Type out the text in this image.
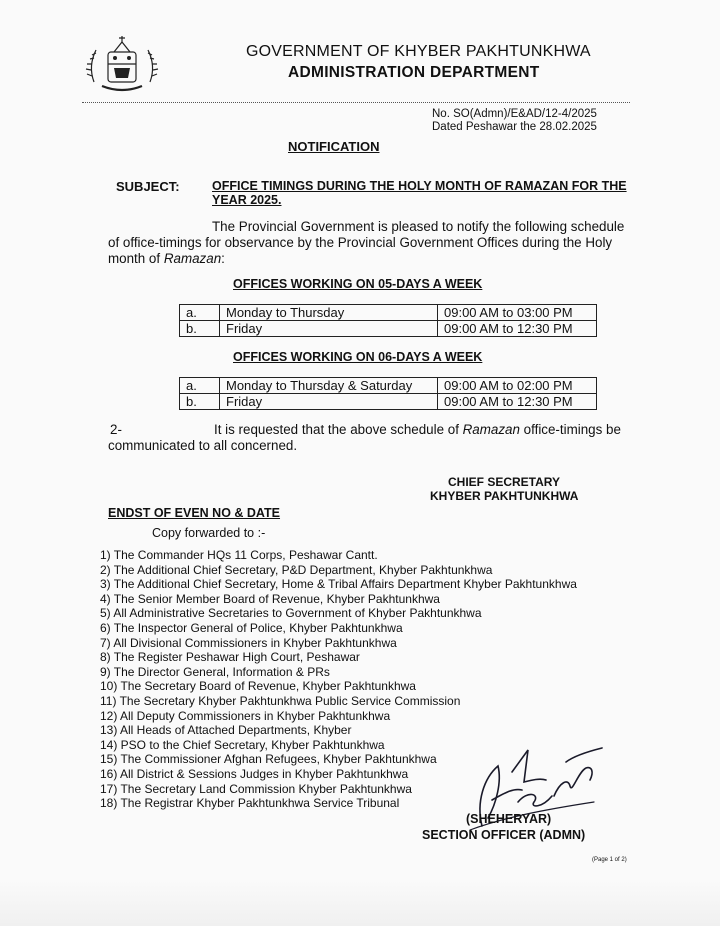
GOVERNMENT OF KHYBER PAKHTUNKHWA
ADMINISTRATION DEPARTMENT
No. SO(Admn)/E&AD/12-4/2025
Dated Peshawar the 28.02.2025
NOTIFICATION
SUBJECT:	OFFICE TIMINGS DURING THE HOLY MONTH OF RAMAZAN FOR THE YEAR 2025.
The Provincial Government is pleased to notify the following schedule of office-timings for observance by the Provincial Government Offices during the Holy month of Ramazan:
OFFICES WORKING ON 05-DAYS A WEEK
a.	Monday to Thursday	09:00 AM to 03:00 PM
b.	Friday	09:00 AM to 12:30 PM
OFFICES WORKING ON 06-DAYS A WEEK
a.	Monday to Thursday & Saturday	09:00 AM to 02:00 PM
b.	Friday	09:00 AM to 12:30 PM
2-	It is requested that the above schedule of Ramazan office-timings be communicated to all concerned.
CHIEF SECRETARY
KHYBER PAKHTUNKHWA
ENDST OF EVEN NO & DATE
Copy forwarded to :-
1) The Commander HQs 11 Corps, Peshawar Cantt.
2) The Additional Chief Secretary, P&D Department, Khyber Pakhtunkhwa
3) The Additional Chief Secretary, Home & Tribal Affairs Department Khyber Pakhtunkhwa
4) The Senior Member Board of Revenue, Khyber Pakhtunkhwa
5) All Administrative Secretaries to Government of Khyber Pakhtunkhwa
6) The Inspector General of Police, Khyber Pakhtunkhwa
7) All Divisional Commissioners in Khyber Pakhtunkhwa
8) The Register Peshawar High Court, Peshawar
9) The Director General, Information & PRs
10) The Secretary Board of Revenue, Khyber Pakhtunkhwa
11) The Secretary Khyber Pakhtunkhwa Public Service Commission
12) All Deputy Commissioners in Khyber Pakhtunkhwa
13) All Heads of Attached Departments, Khyber
14) PSO to the Chief Secretary, Khyber Pakhtunkhwa
15) The Commissioner Afghan Refugees, Khyber Pakhtunkhwa
16) All District & Sessions Judges in Khyber Pakhtunkhwa
17) The Secretary Land Commission Khyber Pakhtunkhwa
18) The Registrar Khyber Pakhtunkhwa Service Tribunal
(SHEHERYAR)
SECTION OFFICER (ADMN)
(Page 1 of 2)
